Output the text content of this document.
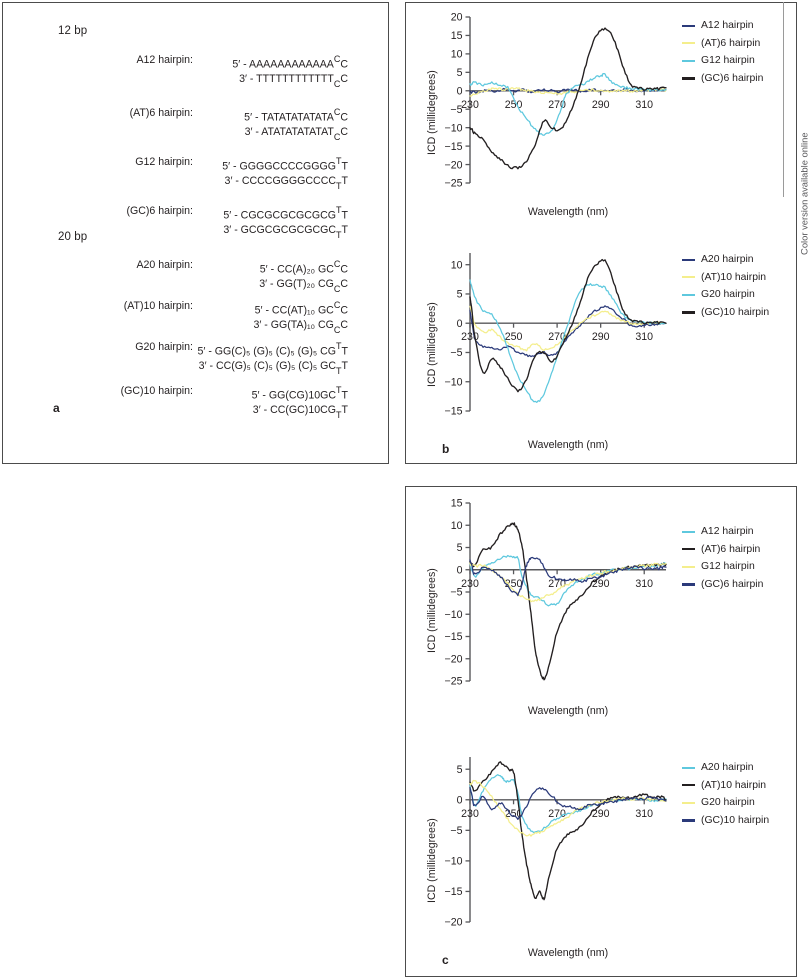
12 bp
A12 hairpin:	$5' - AAAAAAAAAAAA^CC$
$3' - TTTTTTTTTTTT_CC$
(AT)6 hairpin:	$5' - TATATATATATA^CC$
$3' - ATATATATATAT_CC$
G12 hairpin:	$5' - GGGGCCCCGGGG^TT$
$3' - CCCCGGGGCCCC_TT$
(GC)6 hairpin:	$5' - CGCGCGCGCGCG^TT$
$3' - GCGCGCGCGCGC_TT$
20 bp
A20 hairpin:	5′ - CC(A)₂₀ $GC^CC$
3′ - GG(T)₂₀ $CG_CC$
(AT)10 hairpin:	5′ - CC(AT)₁₀ $GC^CC$
3′ - GG(TA)₁₀ $CG_CC$
G20 hairpin: 5′ - GG(C)₅ (G)₅ (C)₅ (G)₅ $CG^TT$
3′ - CC(G)₅ (C)₅ (G)₅ (C)₅ $GC_TT$
(GC)10 hairpin:	$5' - GG(CG)10GC^TT$
$3' - CC(GC)10CG_TT$
a
−25
−20
−15
−10
−5
0
5
10
15
20
230 250 270 290 310
ICD (millidegrees)
Wavelength (nm)
A12 hairpin
(AT)6 hairpin
G12 hairpin
(GC)6 hairpin
−15
−10
−5
0
5
10
230 250 270 290 310
ICD (millidegrees)
Wavelength (nm)
A20 hairpin
(AT)10 hairpin
G20 hairpin
(GC)10 hairpin
b
−25
−20
−15
−10
−5
0
5
10
15
230 250 270 290 310
ICD (millidegrees)
Wavelength (nm)
A12 hairpin
(AT)6 hairpin
G12 hairpin
(GC)6 hairpin
−20
−15
−10
−5
0
5
230 250 270 290 310
ICD (millidegrees)
Wavelength (nm)
A20 hairpin
(AT)10 hairpin
G20 hairpin
(GC)10 hairpin
c
Color version available online
